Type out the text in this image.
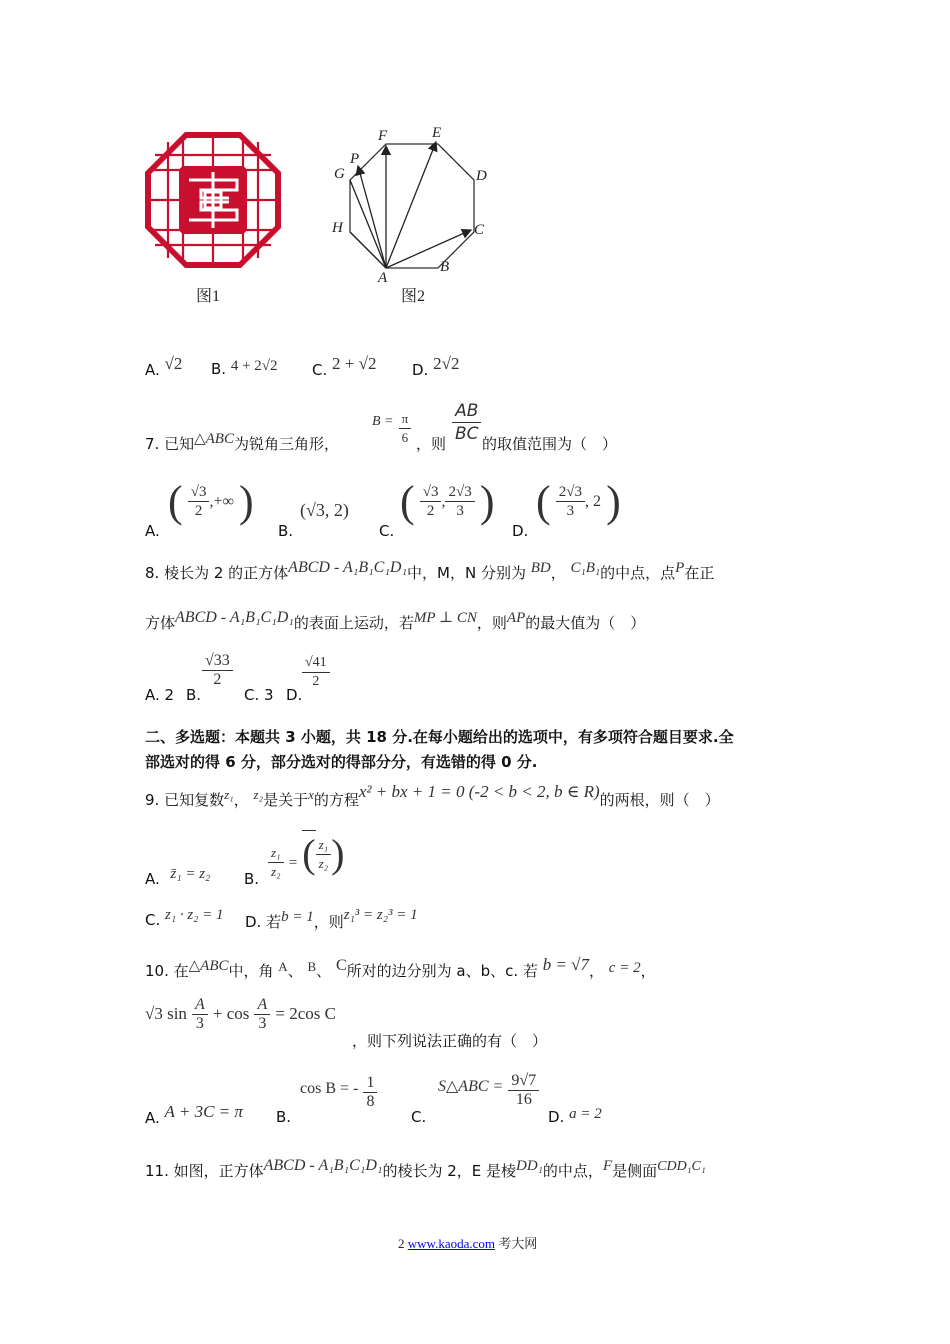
图1
A
B
C
D
E
F
G
H
P
图2
A. √2 B. 4 + 2√2 C. 2 + √2 D. 2√2
7. 已知△ABC为锐角三角形，
$B = \frac{\pi}{6}$ ，则 $\frac{AB}{BC}$ 的取值范围为（　）
A.
( $\frac{√3}{2}$ ,+∞ )
B.
(√3, 2)
C.
( $\frac{√3}{2}$ , $\frac{2√3}{3}$ )
D.
( $\frac{2√3}{3}$ , 2 )
8. 棱长为 2 的正方体ABCD - A₁B₁C₁D₁中，M，N 分别为 BD， C₁B₁的中点，点P在正
方体ABCD - A₁B₁C₁D₁的表面上运动，若MP ⊥ CN，则AP的最大值为（　）
A. 2 B.
$\frac{√33}{2}$
C. 3 D.
$\frac{√41}{2}$
二、多选题：本题共 3 小题，共 18 分.在每小题给出的选项中，有多项符合题目要求.全
部选对的得 6 分，部分选对的得部分分，有选错的得 0 分.
9. 已知复数z₁， z₂是关于x的方程x² + bx + 1 = 0 (-2 < b < 2, b ∈ R)的两根，则（　）
A. z̄₁ = z₂ B. $\frac{\text{z₁}}{\text{z₂}}$ = ( $\frac{\text{z₁}}{\text{z₂}}$ )
C. z₁ · z₂ = 1 D. 若b = 1，则z₁³ = z₂³ = 1
10. 在△ABC中，角 A、 B、 C所对的边分别为 a、b、c. 若 b = √7， c = 2，
√3 $\sin \frac{A}{3} + \cos \frac{A}{3} = 2\cos$ C
，则下列说法正确的有（　）
A. A + 3C = π B.
cos B = - $\frac{1}{8}$
C.
S△ABC = $\frac{9√7}{16}$
D. a = 2
11. 如图，正方体ABCD - A₁B₁C₁D₁的棱长为 2，E 是棱DD₁的中点，F是侧面CDD₁C₁
2 www.kaoda.com 考大网
